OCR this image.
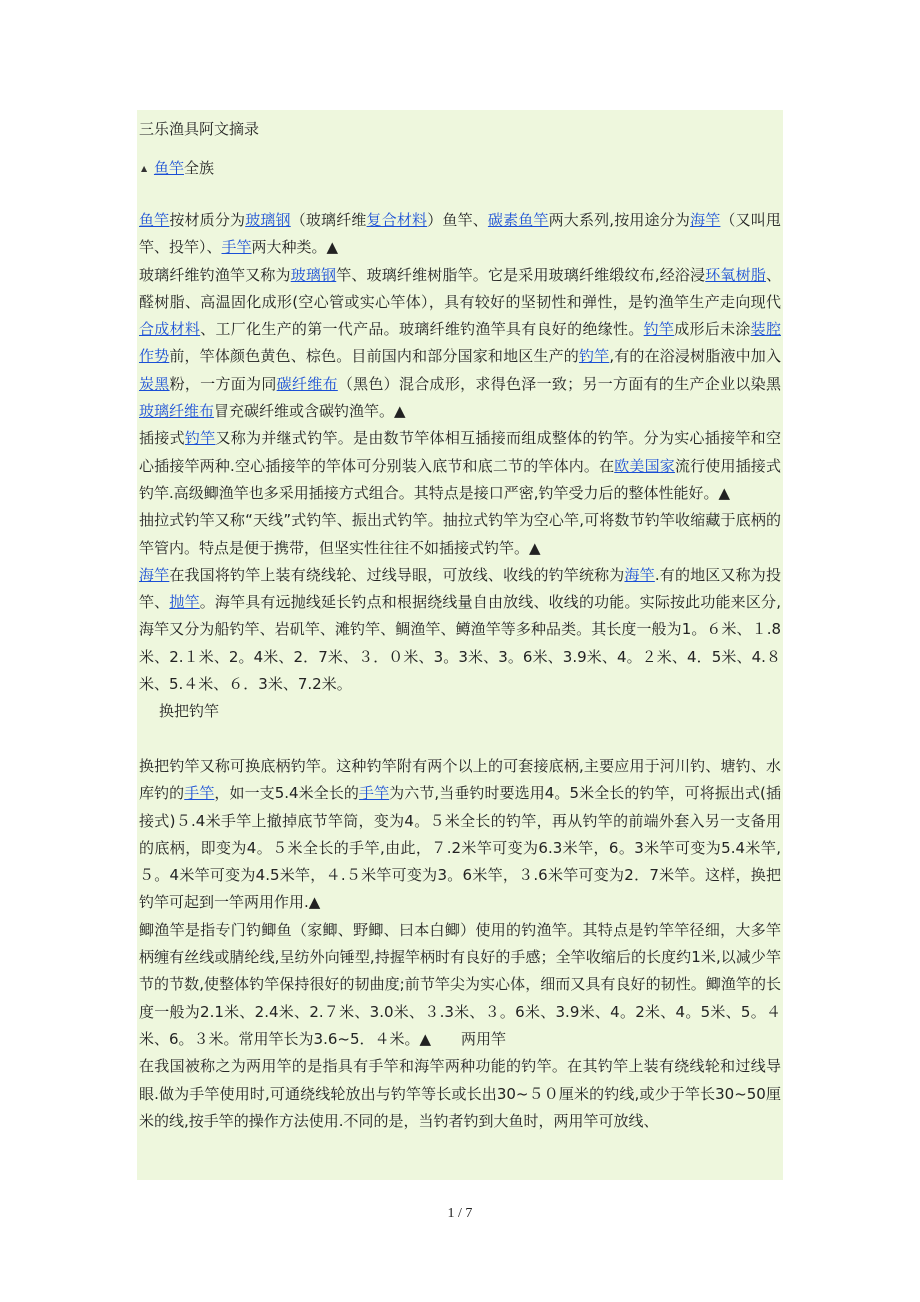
三乐渔具阿文摘录
▲ 鱼竿全族

鱼竿按材质分为玻璃钢（玻璃纤维复合材料）鱼竿、碳素鱼竿两大系列,按用途分为海竿（又叫甩竿、投竿）、手竿两大种类。▲

玻璃纤维钓渔竿又称为玻璃钢竿、玻璃纤维树脂竿。它是采用玻璃纤维缎纹布,经浴浸环氧树脂、醛树脂、高温固化成形(空心管或实心竿体），具有较好的坚韧性和弹性，是钓渔竿生产走向现代合成材料、工厂化生产的第一代产品。玻璃纤维钓渔竿具有良好的绝缘性。钓竿成形后未涂装腔作势前，竿体颜色黄色、棕色。目前国内和部分国家和地区生产的钓竿,有的在浴浸树脂液中加入炭黑粉，一方面为同碳纤维布（黑色）混合成形，求得色泽一致；另一方面有的生产企业以染黑玻璃纤维布冒充碳纤维或含碳钓渔竿。▲

插接式钓竿又称为并继式钓竿。是由数节竿体相互插接而组成整体的钓竿。分为实心插接竿和空心插接竿两种.空心插接竿的竿体可分别装入底节和底二节的竿体内。在欧美国家流行使用插接式钓竿.高级鲫渔竿也多采用插接方式组合。其特点是接口严密,钓竿受力后的整体性能好。▲

抽拉式钓竿又称“天线”式钓竿、振出式钓竿。抽拉式钓竿为空心竿,可将数节钓竿收缩藏于底柄的竿管内。特点是便于携带，但坚实性往往不如插接式钓竿。▲

海竿在我国将钓竿上装有绕线轮、过线导眼，可放线、收线的钓竿统称为海竿.有的地区又称为投竿、抛竿。海竿具有远抛线延长钓点和根据绕线量自由放线、收线的功能。实际按此功能来区分,海竿又分为船钓竿、岩矶竿、滩钓竿、鲷渔竿、鳟渔竿等多种品类。其长度一般为1。６米、１.8米、2.１米、2。4米、2．7米、３．０米、3。3米、3。6米、3.9米、4。２米、4．5米、4.８米、5.４米、６．3米、7.2米。

换把钓竿

换把钓竿又称可换底柄钓竿。这种钓竿附有两个以上的可套接底柄,主要应用于河川钓、塘钓、水库钓的手竿，如一支5.4米全长的手竿为六节,当垂钓时要选用4。5米全长的钓竿，可将振出式(插接式)５.4米手竿上撤掉底节竿筒，变为4。５米全长的钓竿，再从钓竿的前端外套入另一支备用的底柄，即变为4。５米全长的手竿,由此，７.2米竿可变为6.3米竿，6。3米竿可变为5.4米竿,５。4米竿可变为4.5米竿，４.５米竿可变为3。6米竿，３.6米竿可变为2．7米竿。这样，换把钓竿可起到一竿两用作用.▲

鲫渔竿是指专门钓鲫鱼（家鲫、野鲫、曰本白鲫）使用的钓渔竿。其特点是钓竿竿径细，大多竿柄缠有丝线或腈纶线,呈纺外向锤型,持握竿柄时有良好的手感；全竿收缩后的长度约1米,以减少竿节的节数,使整体钓竿保持很好的韧曲度;前节竿尖为实心体，细而又具有良好的韧性。鲫渔竿的长度一般为2.1米、2.4米、2.７米、3.0米、３.3米、３。6米、3.9米、4。2米、4。5米、5。４米、6。３米。常用竿长为3.6~5．４米。▲　　两用竿

在我国被称之为两用竿的是指具有手竿和海竿两种功能的钓竿。在其钓竿上装有绕线轮和过线导眼.做为手竿使用时,可通绕线轮放出与钓竿等长或长出30~５０厘米的钓线,或少于竿长30~50厘米的线,按手竿的操作方法使用.不同的是，当钓者钓到大鱼时，两用竿可放线、

1 / 7
